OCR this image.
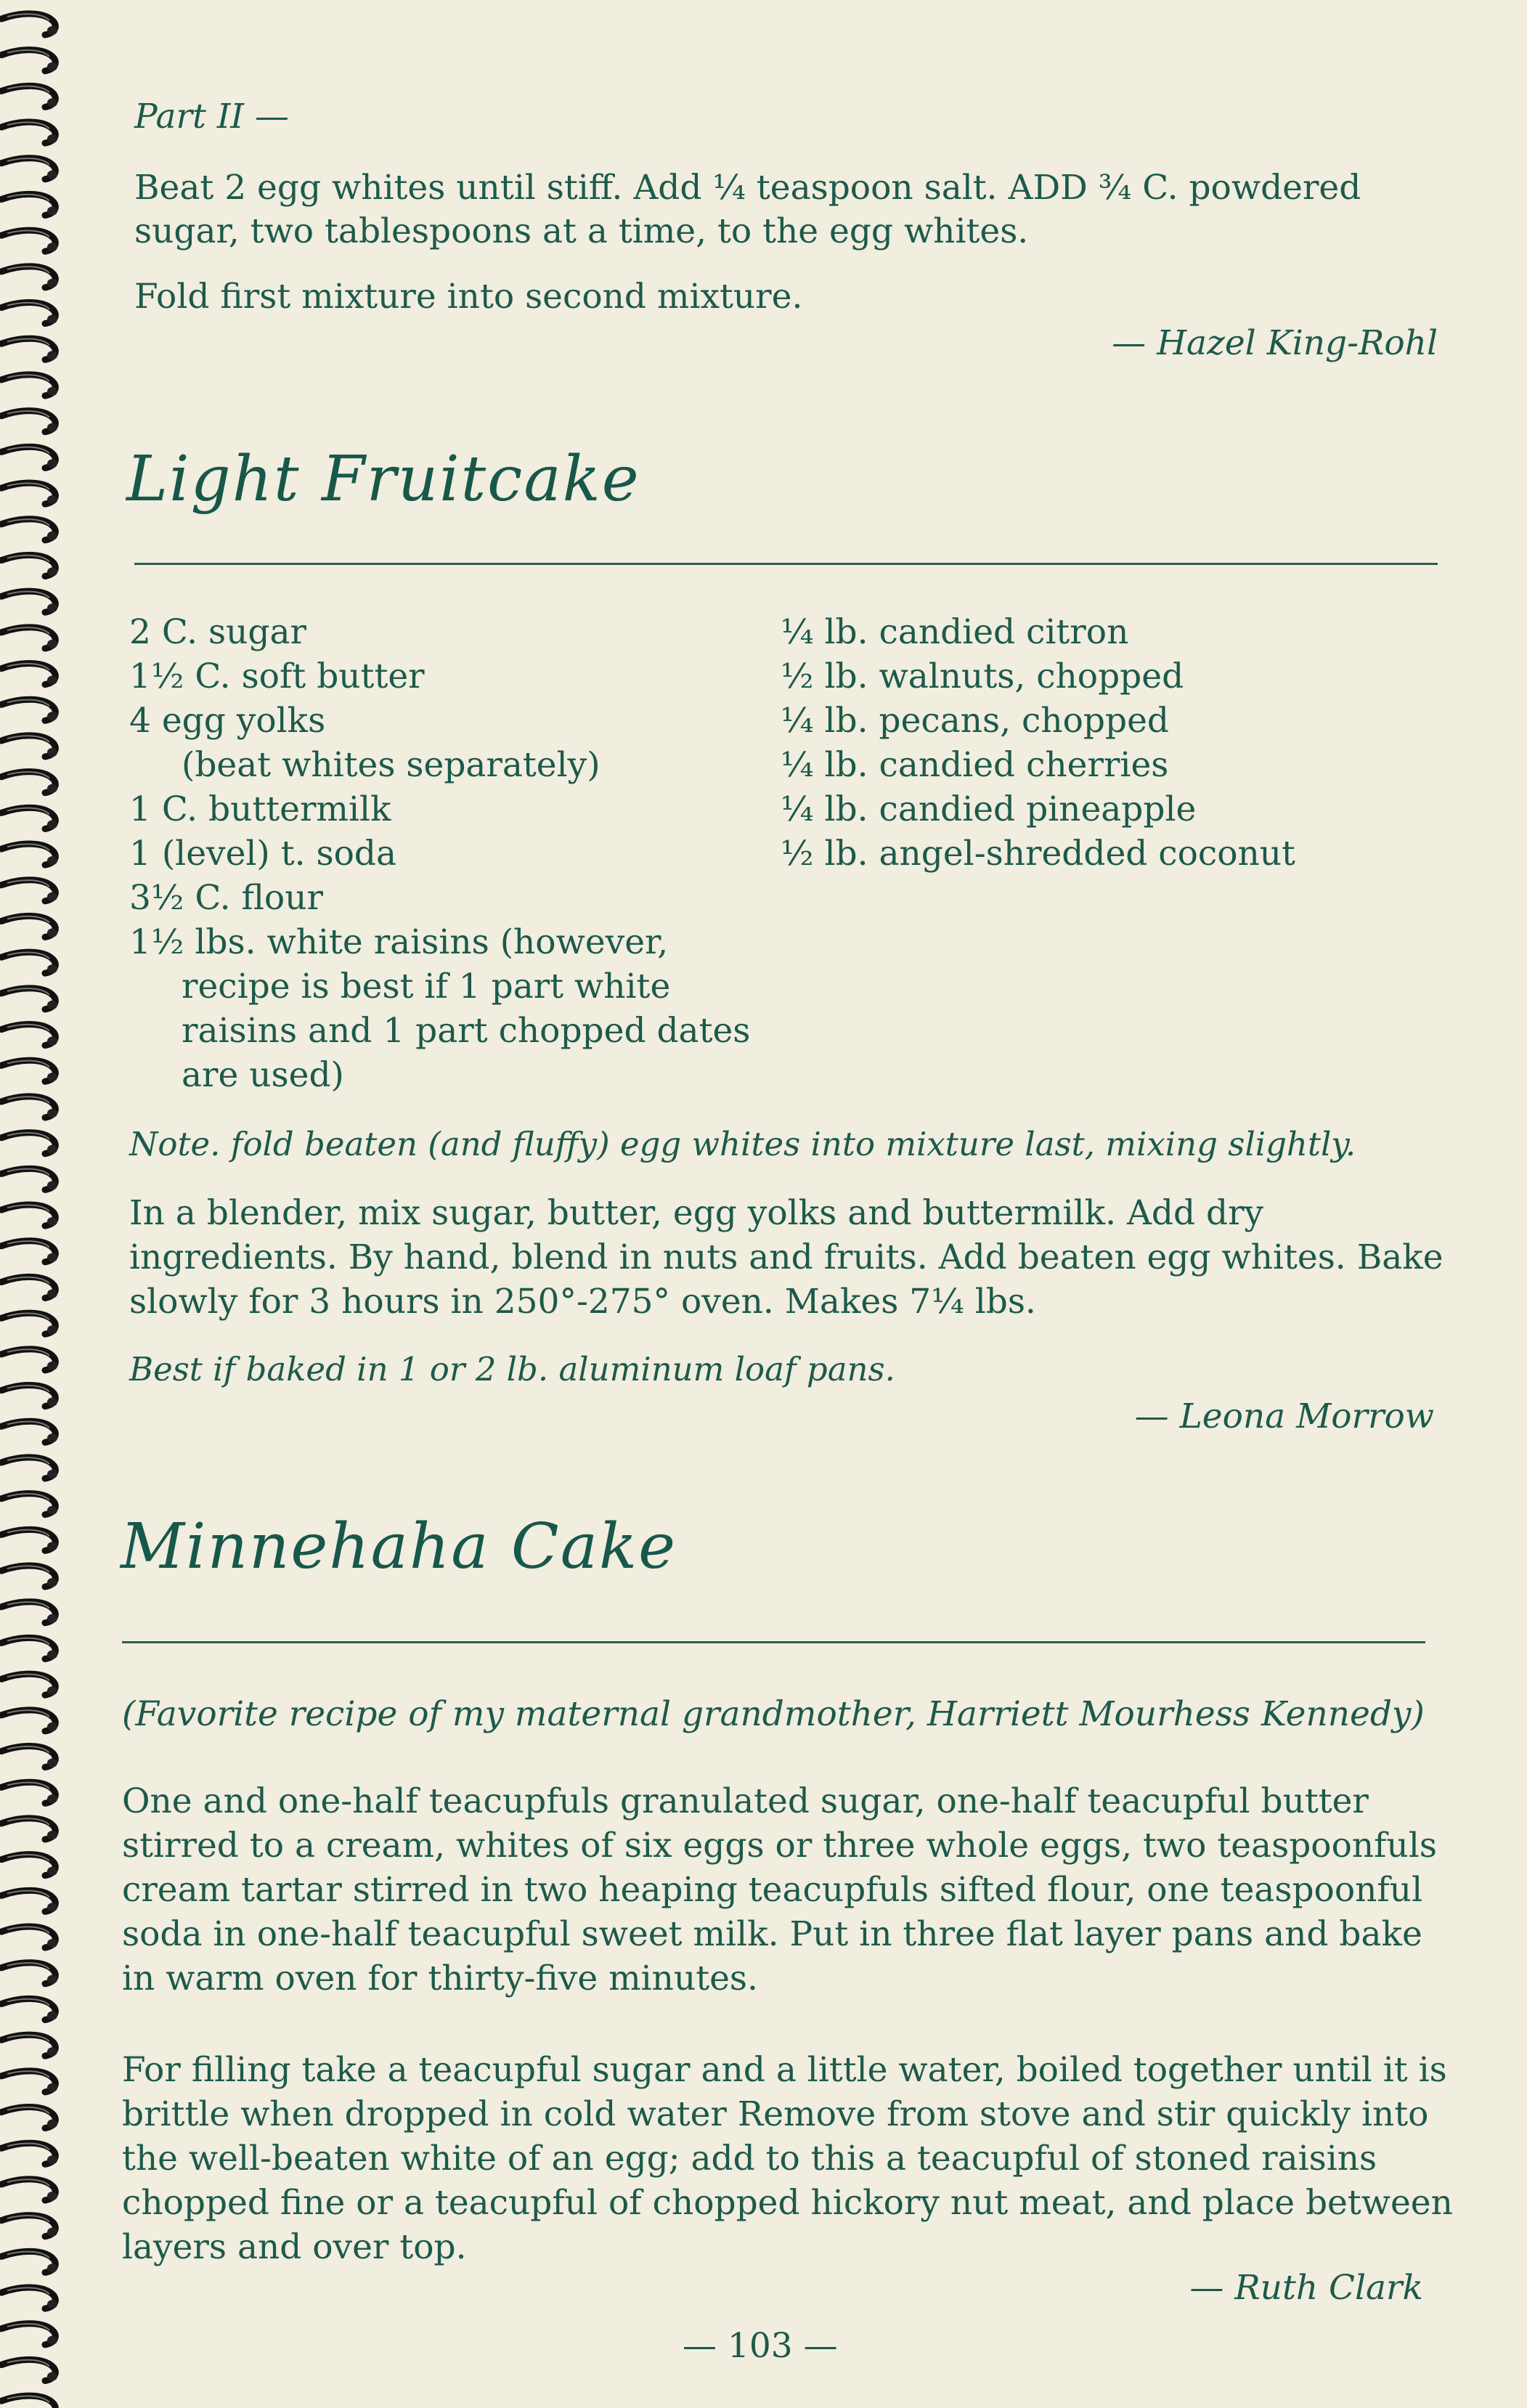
Part II —
Beat 2 egg whites until stiff. Add ¼ teaspoon salt. ADD ¾ C. powdered
sugar, two tablespoons at a time, to the egg whites.
Fold first mixture into second mixture.
— Hazel King-Rohl
Light Fruitcake
2 C. sugar
1½ C. soft butter
4 egg yolks
(beat whites separately)
1 C. buttermilk
1 (level) t. soda
3½ C. flour
1½ lbs. white raisins (however,
recipe is best if 1 part white
raisins and 1 part chopped dates
are used)
¼ lb. candied citron
½ lb. walnuts, chopped
¼ lb. pecans, chopped
¼ lb. candied cherries
¼ lb. candied pineapple
½ lb. angel-shredded coconut
Note. fold beaten (and fluffy) egg whites into mixture last, mixing slightly.
In a blender, mix sugar, butter, egg yolks and buttermilk. Add dry
ingredients. By hand, blend in nuts and fruits. Add beaten egg whites. Bake
slowly for 3 hours in 250°-275° oven. Makes 7¼ lbs.
Best if baked in 1 or 2 lb. aluminum loaf pans.
— Leona Morrow
Minnehaha Cake
(Favorite recipe of my maternal grandmother, Harriett Mourhess Kennedy)
One and one-half teacupfuls granulated sugar, one-half teacupful butter
stirred to a cream, whites of six eggs or three whole eggs, two teaspoonfuls
cream tartar stirred in two heaping teacupfuls sifted flour, one teaspoonful
soda in one-half teacupful sweet milk. Put in three flat layer pans and bake
in warm oven for thirty-five minutes.
For filling take a teacupful sugar and a little water, boiled together until it is
brittle when dropped in cold water Remove from stove and stir quickly into
the well-beaten white of an egg; add to this a teacupful of stoned raisins
chopped fine or a teacupful of chopped hickory nut meat, and place between
layers and over top.
— Ruth Clark
— 103 —
